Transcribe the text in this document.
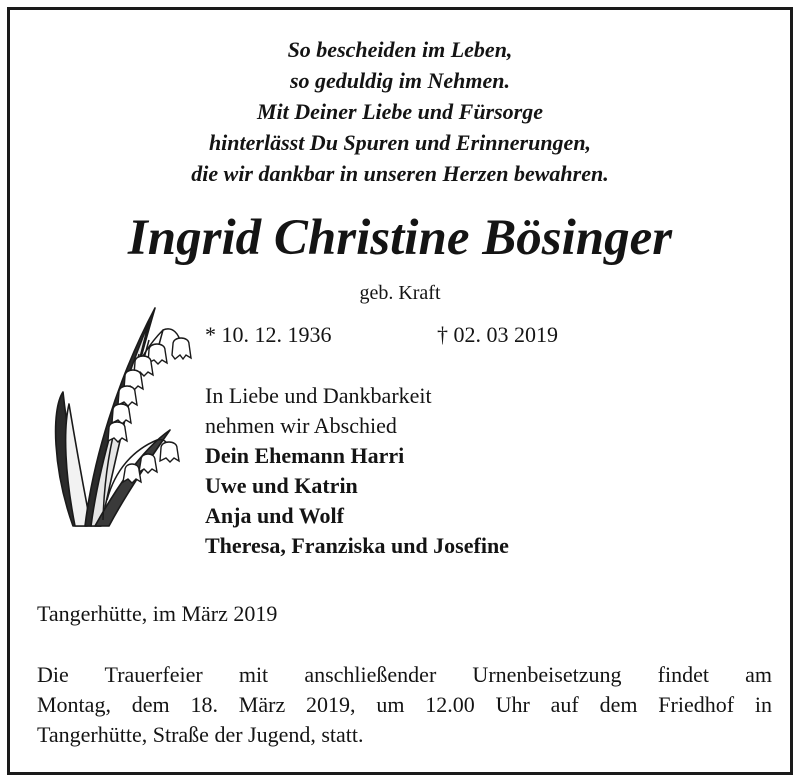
So bescheiden im Leben,
so geduldig im Nehmen.
Mit Deiner Liebe und Fürsorge
hinterlässt Du Spuren und Erinnerungen,
die wir dankbar in unseren Herzen bewahren.
Ingrid Christine Bösinger
geb. Kraft
* 10. 12. 1936	† 02. 03 2019
In Liebe und Dankbarkeit
nehmen wir Abschied
Dein Ehemann Harri
Uwe und Katrin
Anja und Wolf
Theresa, Franziska und Josefine
Tangerhütte, im März 2019
Die Trauerfeier mit anschließender Urnenbeisetzung findet am
Montag, dem 18. März 2019, um 12.00 Uhr auf dem Friedhof in
Tangerhütte, Straße der Jugend, statt.
